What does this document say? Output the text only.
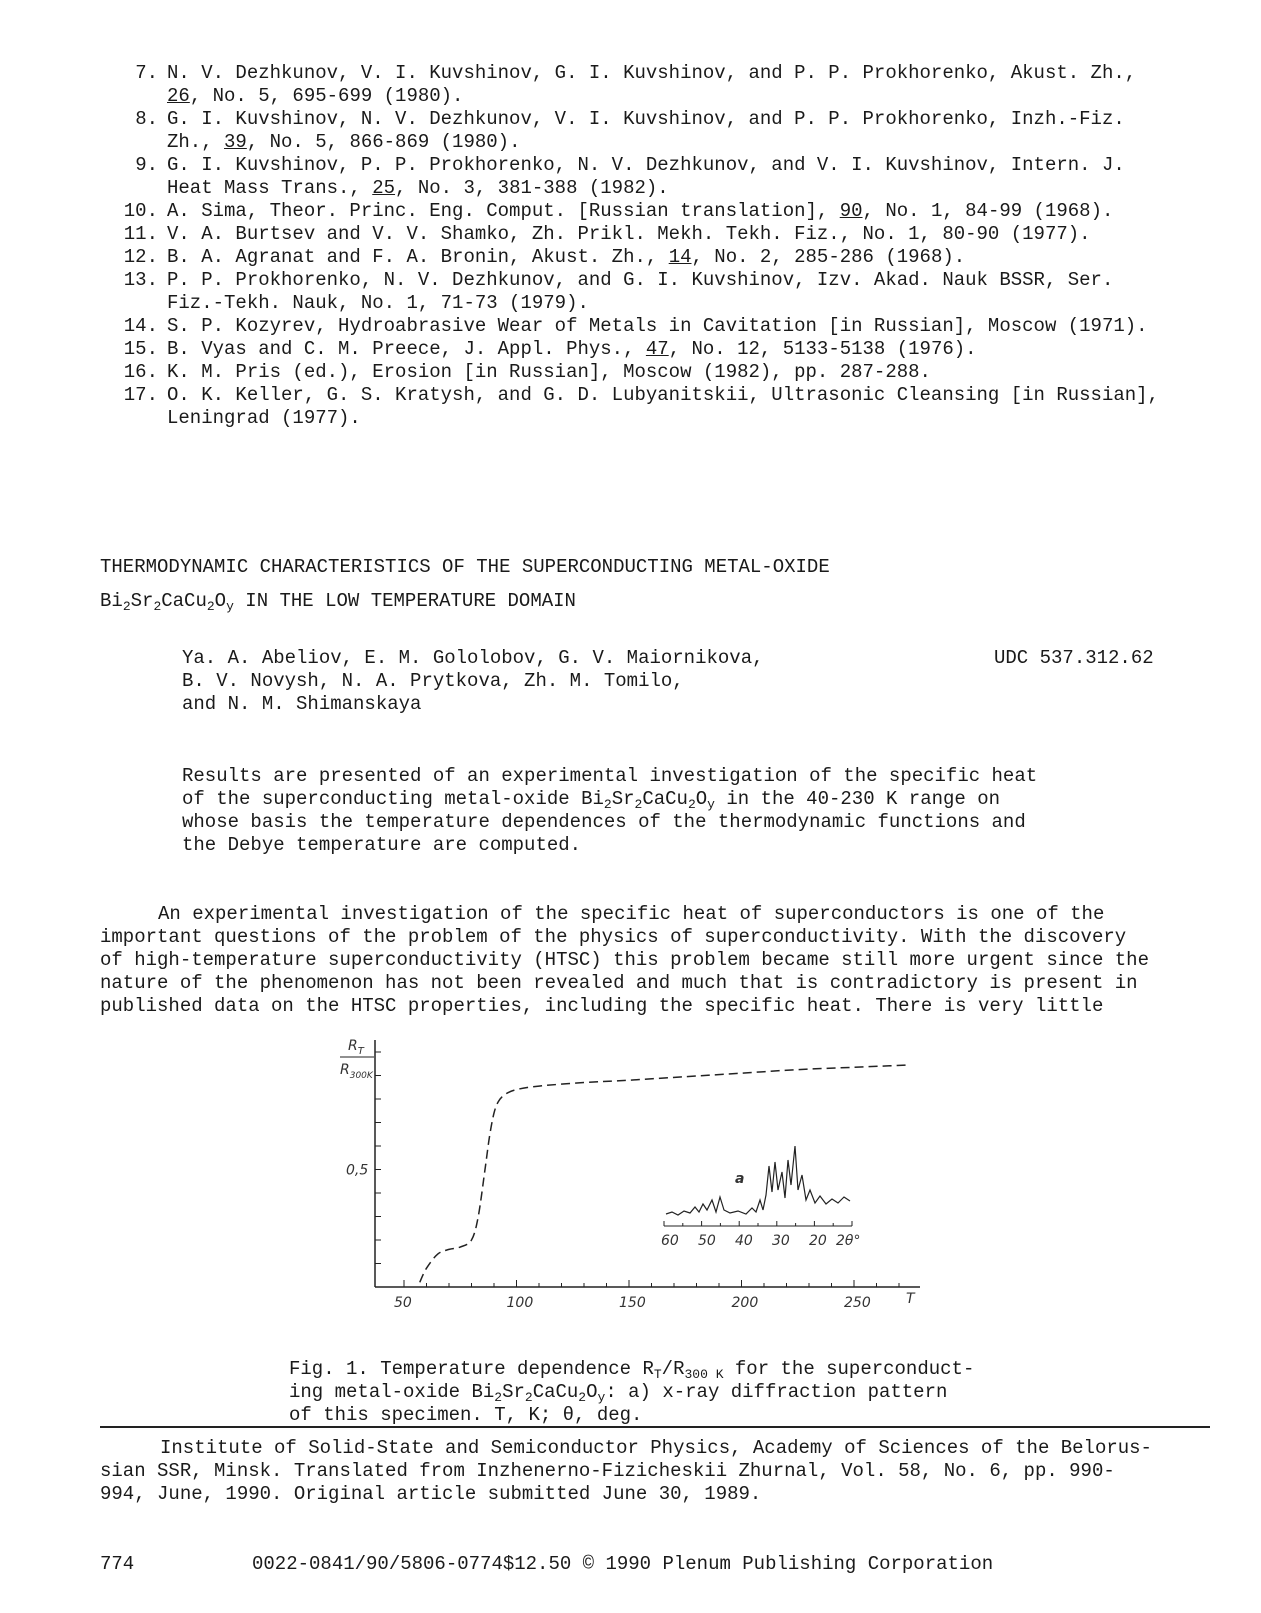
7. N. V. Dezhkunov, V. I. Kuvshinov, G. I. Kuvshinov, and P. P. Prokhorenko, Akust. Zh.,
26, No. 5, 695-699 (1980).
8. G. I. Kuvshinov, N. V. Dezhkunov, V. I. Kuvshinov, and P. P. Prokhorenko, Inzh.-Fiz.
Zh., 39, No. 5, 866-869 (1980).
9. G. I. Kuvshinov, P. P. Prokhorenko, N. V. Dezhkunov, and V. I. Kuvshinov, Intern. J.
Heat Mass Trans., 25, No. 3, 381-388 (1982).
10. A. Sima, Theor. Princ. Eng. Comput. [Russian translation], 90, No. 1, 84-99 (1968).
11. V. A. Burtsev and V. V. Shamko, Zh. Prikl. Mekh. Tekh. Fiz., No. 1, 80-90 (1977).
12. B. A. Agranat and F. A. Bronin, Akust. Zh., 14, No. 2, 285-286 (1968).
13. P. P. Prokhorenko, N. V. Dezhkunov, and G. I. Kuvshinov, Izv. Akad. Nauk BSSR, Ser.
Fiz.-Tekh. Nauk, No. 1, 71-73 (1979).
14. S. P. Kozyrev, Hydroabrasive Wear of Metals in Cavitation [in Russian], Moscow (1971).
15. B. Vyas and C. M. Preece, J. Appl. Phys., 47, No. 12, 5133-5138 (1976).
16. K. M. Pris (ed.), Erosion [in Russian], Moscow (1982), pp. 287-288.
17. O. K. Keller, G. S. Kratysh, and G. D. Lubyanitskii, Ultrasonic Cleansing [in Russian],
Leningrad (1977).
THERMODYNAMIC CHARACTERISTICS OF THE SUPERCONDUCTING METAL-OXIDE
$Bi_2Sr_2CaCu_2O_y$ IN THE LOW TEMPERATURE DOMAIN
Ya. A. Abeliov, E. M. Gololobov, G. V. Maiornikova,
B. V. Novysh, N. A. Prytkova, Zh. M. Tomilo,
and N. M. Shimanskaya
UDC 537.312.62
Results are presented of an experimental investigation of the specific heat
of the superconducting metal-oxide $Bi_2Sr_2CaCu_2O_y$ in the 40-230 K range on
whose basis the temperature dependences of the thermodynamic functions and
the Debye temperature are computed.
An experimental investigation of the specific heat of superconductors is one of the
important questions of the problem of the physics of superconductivity. With the discovery
of high-temperature superconductivity (HTSC) this problem became still more urgent since the
nature of the phenomenon has not been revealed and much that is contradictory is present in
published data on the HTSC properties, including the specific heat. There is very little
50	100	150	200	250	T
0,5
$R_T$
$R_{300K}$
60 50 40 30 20 2θ°
a
Fig. 1. Temperature dependence $R_T/R_{300 K}$ for the superconduct-
ing metal-oxide $Bi_2Sr_2CaCu_2O_y$: a) x-ray diffraction pattern
of this specimen. T, K; θ, deg.
Institute of Solid-State and Semiconductor Physics, Academy of Sciences of the Belorus-
sian SSR, Minsk. Translated from Inzhenerno-Fizicheskii Zhurnal, Vol. 58, No. 6, pp. 990-
994, June, 1990. Original article submitted June 30, 1989.
774	0022-0841/90/5806-0774$12.50 © 1990 Plenum Publishing Corporation
